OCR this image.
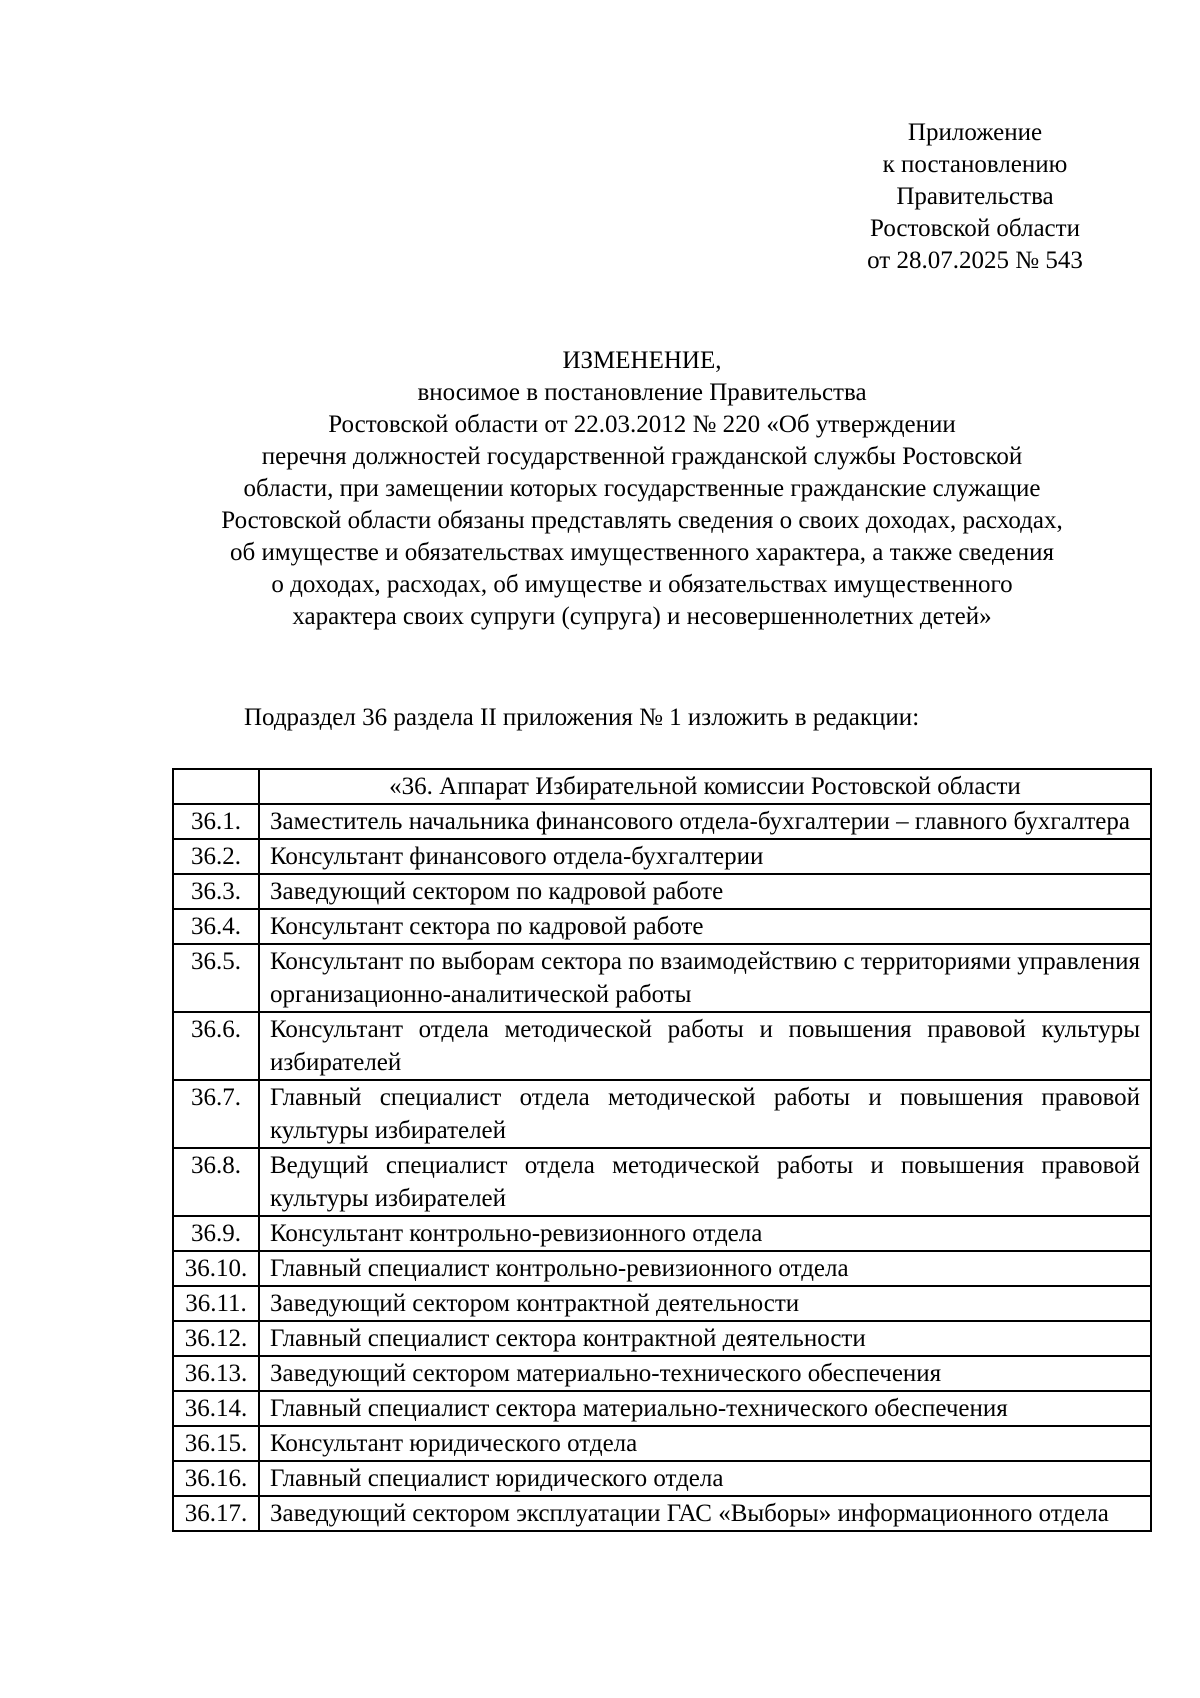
Приложение
к постановлению
Правительства
Ростовской области
от 28.07.2025 № 543
ИЗМЕНЕНИЕ,
вносимое в постановление Правительства
Ростовской области от 22.03.2012 № 220 «Об утверждении
перечня должностей государственной гражданской службы Ростовской
области, при замещении которых государственные гражданские служащие
Ростовской области обязаны представлять сведения о своих доходах, расходах,
об имуществе и обязательствах имущественного характера, а также сведения
о доходах, расходах, об имуществе и обязательствах имущественного
характера своих супруги (супруга) и несовершеннолетних детей»
Подраздел 36 раздела II приложения № 1 изложить в редакции:
	«36. Аппарат Избирательной комиссии Ростовской области
36.1.	Заместитель начальника финансового отдела-бухгалтерии – главного бухгалтера
36.2.	Консультант финансового отдела-бухгалтерии
36.3.	Заведующий сектором по кадровой работе
36.4.	Консультант сектора по кадровой работе
36.5.	Консультант по выборам сектора по взаимодействию с территориями управления организационно-аналитической работы
36.6.	Консультант отдела методической работы и повышения правовой культуры избирателей
36.7.	Главный специалист отдела методической работы и повышения правовой культуры избирателей
36.8.	Ведущий специалист отдела методической работы и повышения правовой культуры избирателей
36.9.	Консультант контрольно-ревизионного отдела
36.10.	Главный специалист контрольно-ревизионного отдела
36.11.	Заведующий сектором контрактной деятельности
36.12.	Главный специалист сектора контрактной деятельности
36.13.	Заведующий сектором материально-технического обеспечения
36.14.	Главный специалист сектора материально-технического обеспечения
36.15.	Консультант юридического отдела
36.16.	Главный специалист юридического отдела
36.17.	Заведующий сектором эксплуатации ГАС «Выборы» информационного отдела
